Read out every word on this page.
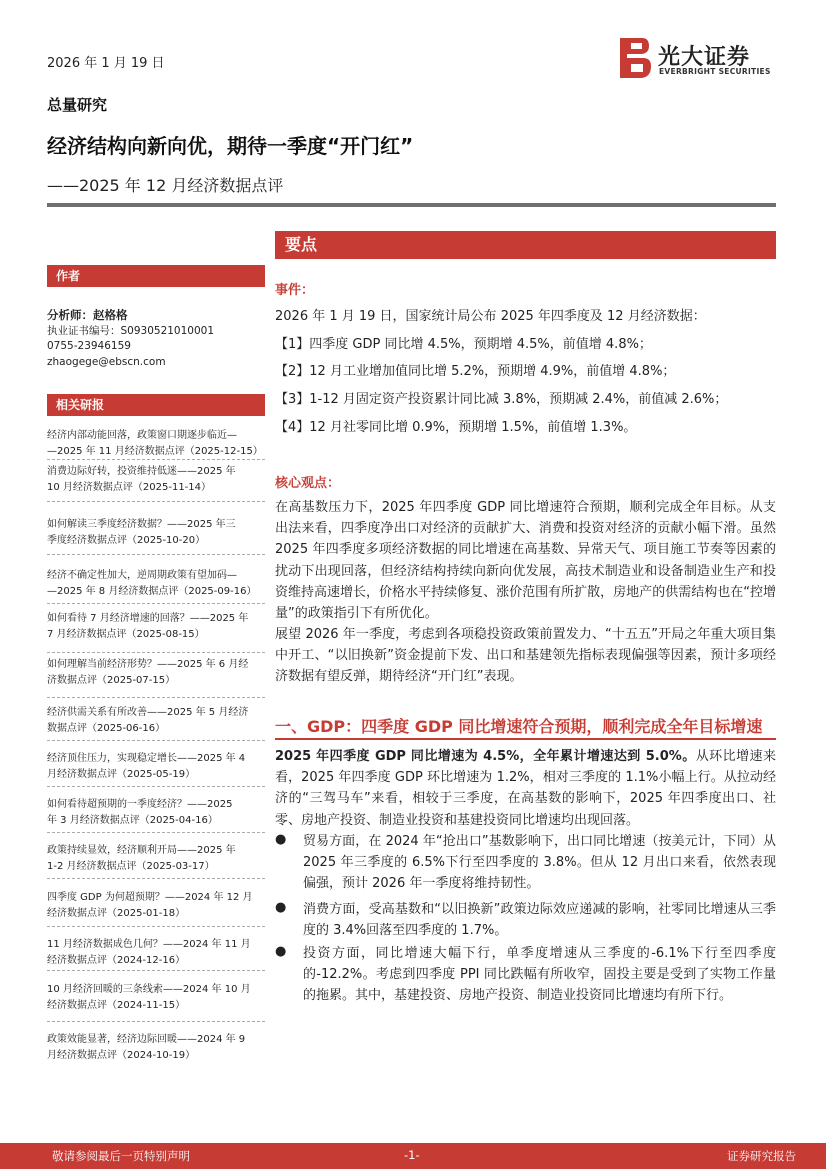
2026 年 1 月 19 日	光大证券
EVERBRIGHT SECURITIES
总量研究
经济结构向新向优，期待一季度“开门红”
——2025 年 12 月经济数据点评
要点
作者
分析师：赵格格
执业证书编号：S0930521010001
0755-23946159
zhaogege@ebscn.com
相关研报
经济内部动能回落，政策窗口期逐步临近—
—2025 年 11 月经济数据点评（2025-12-15）
消费边际好转，投资维持低迷——2025 年
10 月经济数据点评（2025-11-14）
如何解读三季度经济数据？——2025 年三
季度经济数据点评（2025-10-20）
经济不确定性加大，逆周期政策有望加码—
—2025 年 8 月经济数据点评（2025-09-16）
如何看待 7 月经济增速的回落？——2025 年
7 月经济数据点评（2025-08-15）
如何理解当前经济形势？——2025 年 6 月经
济数据点评（2025-07-15）
经济供需关系有所改善——2025 年 5 月经济
数据点评（2025-06-16）
经济顶住压力，实现稳定增长——2025 年 4
月经济数据点评（2025-05-19）
如何看待超预期的一季度经济？——2025
年 3 月经济数据点评（2025-04-16）
政策持续显效，经济顺利开局——2025 年
1-2 月经济数据点评（2025-03-17）
四季度 GDP 为何超预期？——2024 年 12 月
经济数据点评（2025-01-18）
11 月经济数据成色几何？——2024 年 11 月
经济数据点评（2024-12-16）
10 月经济回暖的三条线索——2024 年 10 月
经济数据点评（2024-11-15）
政策效能显著，经济边际回暖——2024 年 9
月经济数据点评（2024-10-19）
事件：
2026 年 1 月 19 日，国家统计局公布 2025 年四季度及 12 月经济数据：
【1】四季度 GDP 同比增 4.5%，预期增 4.5%，前值增 4.8%；
【2】12 月工业增加值同比增 5.2%，预期增 4.9%，前值增 4.8%；
【3】1-12 月固定资产投资累计同比减 3.8%，预期减 2.4%，前值减 2.6%；
【4】12 月社零同比增 0.9%，预期增 1.5%，前值增 1.3%。
核心观点：
在高基数压力下，2025 年四季度 GDP 同比增速符合预期，顺利完成全年目标。从支出法来看，四季度净出口对经济的贡献扩大、消费和投资对经济的贡献小幅下滑。虽然 2025 年四季度多项经济数据的同比增速在高基数、异常天气、项目施工节奏等因素的扰动下出现回落，但经济结构持续向新向优发展，高技术制造业和设备制造业生产和投资维持高速增长，价格水平持续修复、涨价范围有所扩散，房地产的供需结构也在“控增量”的政策指引下有所优化。
展望 2026 年一季度，考虑到各项稳投资政策前置发力、“十五五”开局之年重大项目集中开工、“以旧换新”资金提前下发、出口和基建领先指标表现偏强等因素，预计多项经济数据有望反弹，期待经济“开门红”表现。
一、GDP：四季度 GDP 同比增速符合预期，顺利完成全年目标增速
2025 年四季度 GDP 同比增速为 4.5%，全年累计增速达到 5.0%。从环比增速来看，2025 年四季度 GDP 环比增速为 1.2%，相对三季度的 1.1%小幅上行。从拉动经济的“三驾马车”来看，相较于三季度，在高基数的影响下，2025 年四季度出口、社零、房地产投资、制造业投资和基建投资同比增速均出现回落。
● 贸易方面，在 2024 年“抢出口”基数影响下，出口同比增速（按美元计，下同）从 2025 年三季度的 6.5%下行至四季度的 3.8%。但从 12 月出口来看，依然表现偏强，预计 2026 年一季度将维持韧性。
● 消费方面，受高基数和“以旧换新”政策边际效应递减的影响，社零同比增速从三季度的 3.4%回落至四季度的 1.7%。
● 投资方面，同比增速大幅下行，单季度增速从三季度的-6.1%下行至四季度的-12.2%。考虑到四季度 PPI 同比跌幅有所收窄，固投主要是受到了实物工作量的拖累。其中，基建投资、房地产投资、制造业投资同比增速均有所下行。
敬请参阅最后一页特别声明	-1-	证券研究报告
